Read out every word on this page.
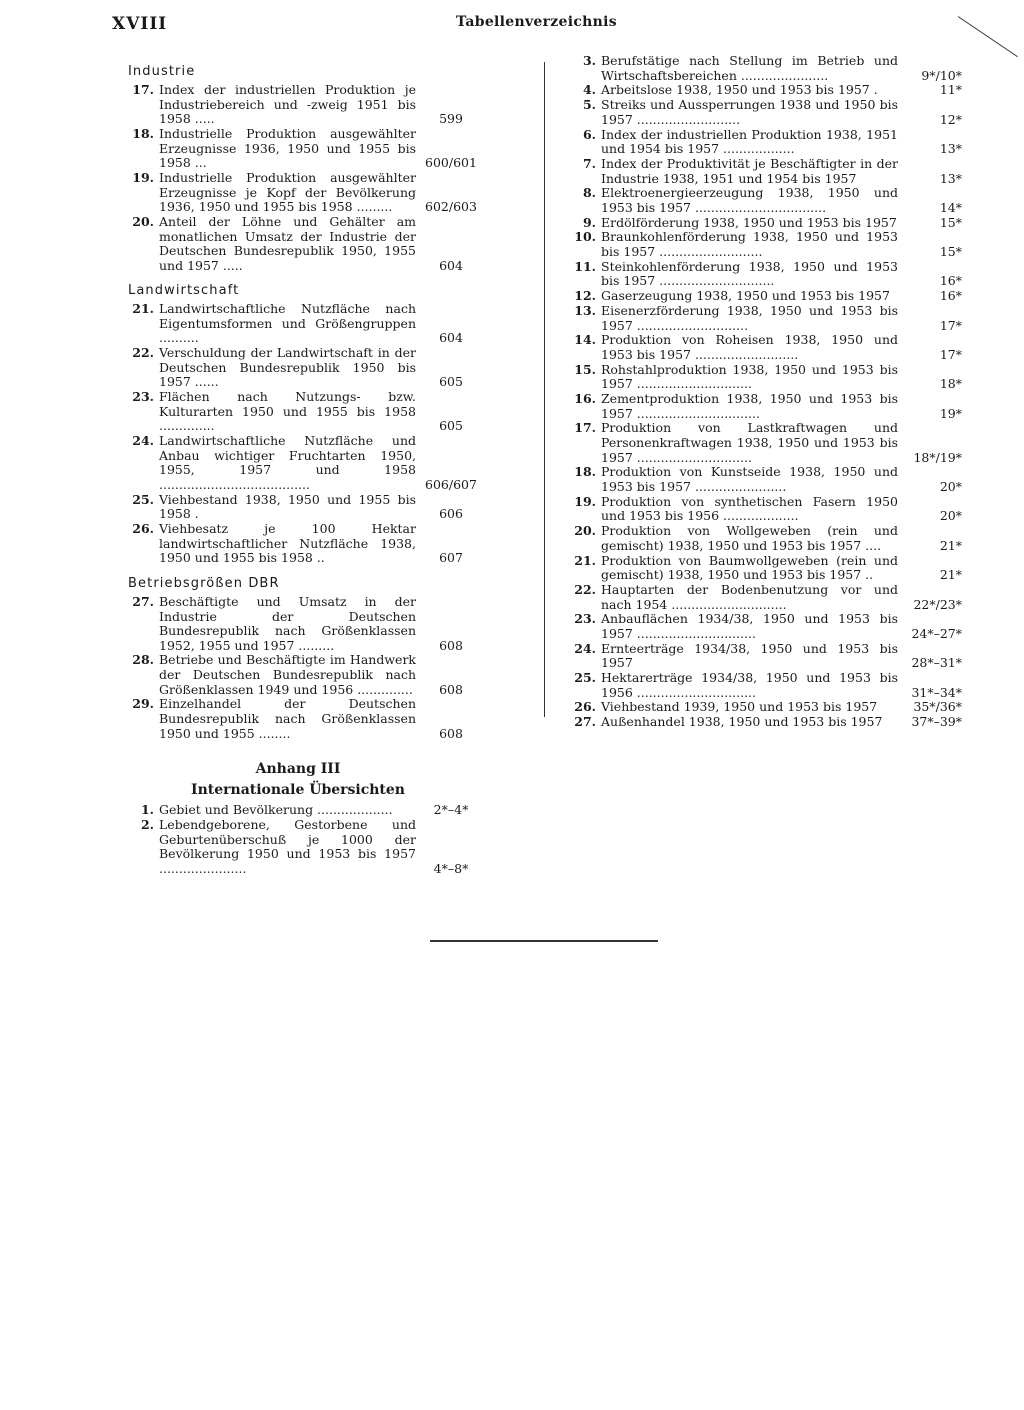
XVIII	Tabellenverzeichnis
Industrie
17. Index der industriellen Produktion je Industriebereich und -zweig 1951 bis 1958 .....	599
18. Industrielle Produktion ausgewählter Erzeugnisse 1936, 1950 und 1955 bis 1958 ...	600/601
19. Industrielle Produktion ausgewählter Erzeugnisse je Kopf der Bevölkerung 1936, 1950 und 1955 bis 1958 .........	602/603
20. Anteil der Löhne und Gehälter am monatlichen Umsatz der Industrie der Deutschen Bundesrepublik 1950, 1955 und 1957 .....	604
Landwirtschaft
21. Landwirtschaftliche Nutzfläche nach Eigentumsformen und Größengruppen ..........	604
22. Verschuldung der Landwirtschaft in der Deutschen Bundesrepublik 1950 bis 1957 ......	605
23. Flächen nach Nutzungs- bzw. Kulturarten 1950 und 1955 bis 1958 ..............	605
24. Landwirtschaftliche Nutzfläche und Anbau wichtiger Fruchtarten 1950, 1955, 1957 und 1958 ......................................	606/607
25. Viehbestand 1938, 1950 und 1955 bis 1958 .	606
26. Viehbesatz je 100 Hektar landwirtschaftlicher Nutzfläche 1938, 1950 und 1955 bis 1958 ..	607
Betriebsgrößen DBR
27. Beschäftigte und Umsatz in der Industrie der Deutschen Bundesrepublik nach Größenklassen 1952, 1955 und 1957 .........	608
28. Betriebe und Beschäftigte im Handwerk der Deutschen Bundesrepublik nach Größenklassen 1949 und 1956 ..............	608
29. Einzelhandel der Deutschen Bundesrepublik nach Größenklassen 1950 und 1955 ........	608
Anhang III
Internationale Übersichten
1. Gebiet und Bevölkerung ...................	2*–4*
2. Lebendgeborene, Gestorbene und Geburtenüberschuß je 1000 der Bevölkerung 1950 und 1953 bis 1957 ......................	4*–8*
3. Berufstätige nach Stellung im Betrieb und Wirtschaftsbereichen ......................	9*/10*
4. Arbeitslose 1938, 1950 und 1953 bis 1957 .	11*
5. Streiks und Aussperrungen 1938 und 1950 bis 1957 ..........................	12*
6. Index der industriellen Produktion 1938, 1951 und 1954 bis 1957 ..................	13*
7. Index der Produktivität je Beschäftigter in der Industrie 1938, 1951 und 1954 bis 1957	13*
8. Elektroenergieerzeugung 1938, 1950 und 1953 bis 1957 .................................	14*
9. Erdölförderung 1938, 1950 und 1953 bis 1957	15*
10. Braunkohlenförderung 1938, 1950 und 1953 bis 1957 ..........................	15*
11. Steinkohlenförderung 1938, 1950 und 1953 bis 1957 .............................	16*
12. Gaserzeugung 1938, 1950 und 1953 bis 1957	16*
13. Eisenerzförderung 1938, 1950 und 1953 bis 1957 ............................	17*
14. Produktion von Roheisen 1938, 1950 und 1953 bis 1957 ..........................	17*
15. Rohstahlproduktion 1938, 1950 und 1953 bis 1957 .............................	18*
16. Zementproduktion 1938, 1950 und 1953 bis 1957 ...............................	19*
17. Produktion von Lastkraftwagen und Personenkraftwagen 1938, 1950 und 1953 bis 1957 .............................	18*/19*
18. Produktion von Kunstseide 1938, 1950 und 1953 bis 1957 .......................	20*
19. Produktion von synthetischen Fasern 1950 und 1953 bis 1956 ...................	20*
20. Produktion von Wollgeweben (rein und gemischt) 1938, 1950 und 1953 bis 1957 ....	21*
21. Produktion von Baumwollgeweben (rein und gemischt) 1938, 1950 und 1953 bis 1957 ..	21*
22. Hauptarten der Bodenbenutzung vor und nach 1954 .............................	22*/23*
23. Anbauflächen 1934/38, 1950 und 1953 bis 1957 ..............................	24*–27*
24. Ernteerträge 1934/38, 1950 und 1953 bis 1957	28*–31*
25. Hektarerträge 1934/38, 1950 und 1953 bis 1956 ..............................	31*–34*
26. Viehbestand 1939, 1950 und 1953 bis 1957	35*/36*
27. Außenhandel 1938, 1950 und 1953 bis 1957	37*–39*
